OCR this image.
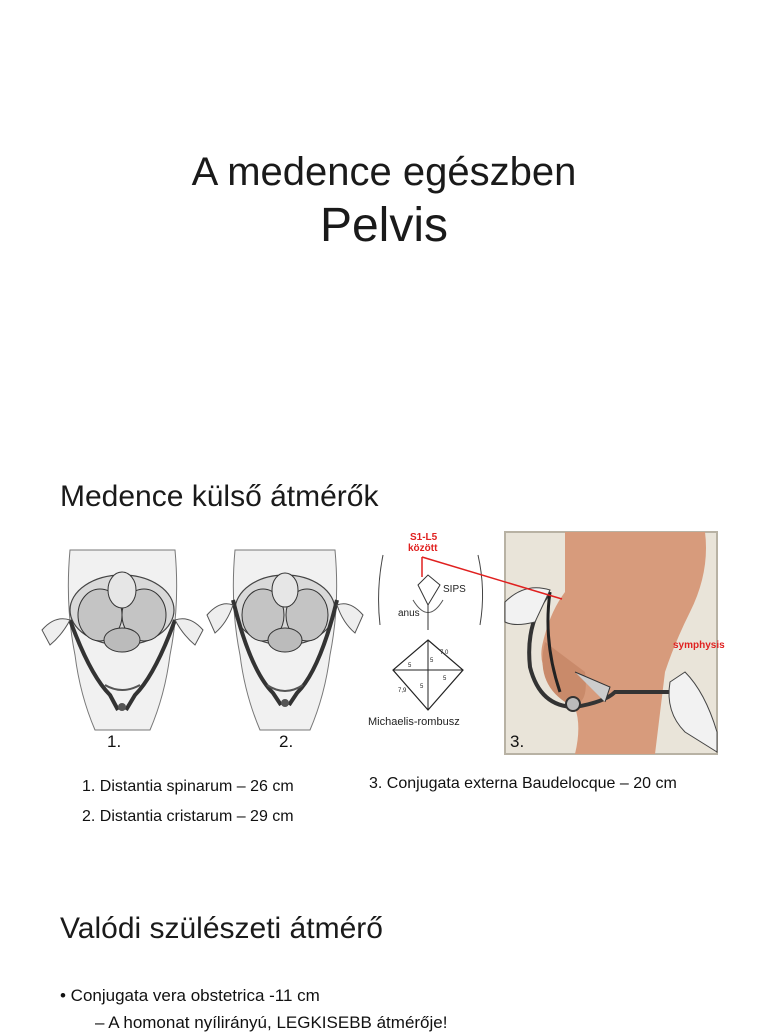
A medence egészben
Pelvis
Medence külső átmérők
S1-L5
között
SIPS
anus
7,0
5
5
5
5
7,9
Michaelis-rombusz
symphysis
1.	2.	3.
1. Distantia spinarum – 26 cm
2. Distantia cristarum – 29 cm
3. Conjugata externa Baudelocque – 20 cm
Valódi szülészeti átmérő
• Conjugata vera obstetrica -11 cm
– A homonat nyílirányú, LEGKISEBB átmérője!
